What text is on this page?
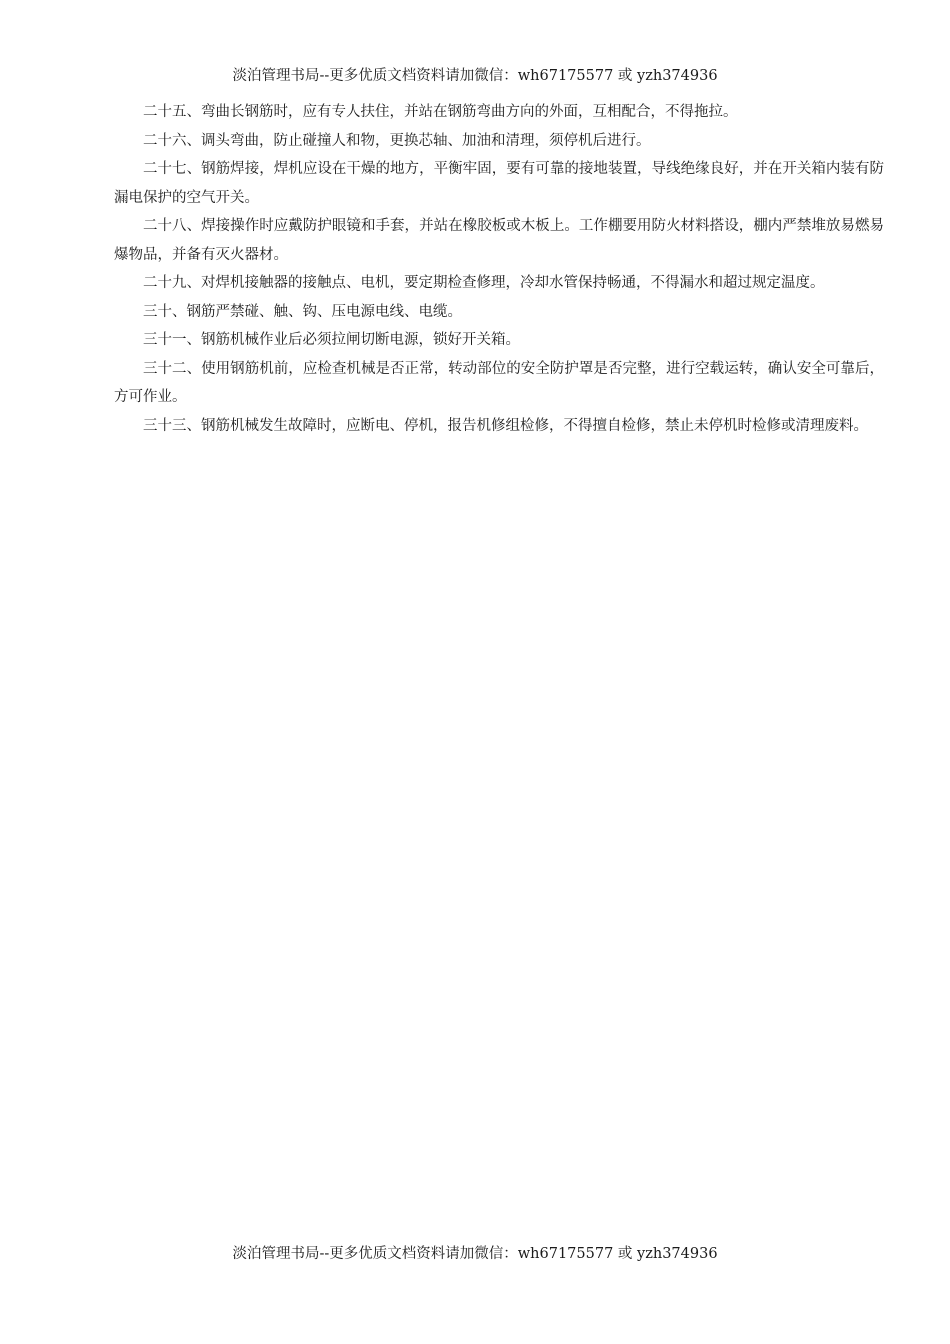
淡泊管理书局--更多优质文档资料请加微信：wh67175577 或 yzh374936

二十五、弯曲长钢筋时，应有专人扶住，并站在钢筋弯曲方向的外面，互相配合，不得拖拉。

二十六、调头弯曲，防止碰撞人和物，更换芯轴、加油和清理，须停机后进行。

二十七、钢筋焊接，焊机应设在干燥的地方，平衡牢固，要有可靠的接地装置，导线绝缘良好，并在开关箱内装有防漏电保护的空气开关。

二十八、焊接操作时应戴防护眼镜和手套，并站在橡胶板或木板上。工作棚要用防火材料搭设，棚内严禁堆放易燃易爆物品，并备有灭火器材。

二十九、对焊机接触器的接触点、电机，要定期检查修理，冷却水管保持畅通，不得漏水和超过规定温度。

三十、钢筋严禁碰、触、钩、压电源电线、电缆。

三十一、钢筋机械作业后必须拉闸切断电源，锁好开关箱。

三十二、使用钢筋机前，应检查机械是否正常，转动部位的安全防护罩是否完整，进行空载运转，确认安全可靠后，方可作业。

三十三、钢筋机械发生故障时，应断电、停机，报告机修组检修，不得擅自检修，禁止未停机时检修或清理废料。

淡泊管理书局--更多优质文档资料请加微信：wh67175577 或 yzh374936
